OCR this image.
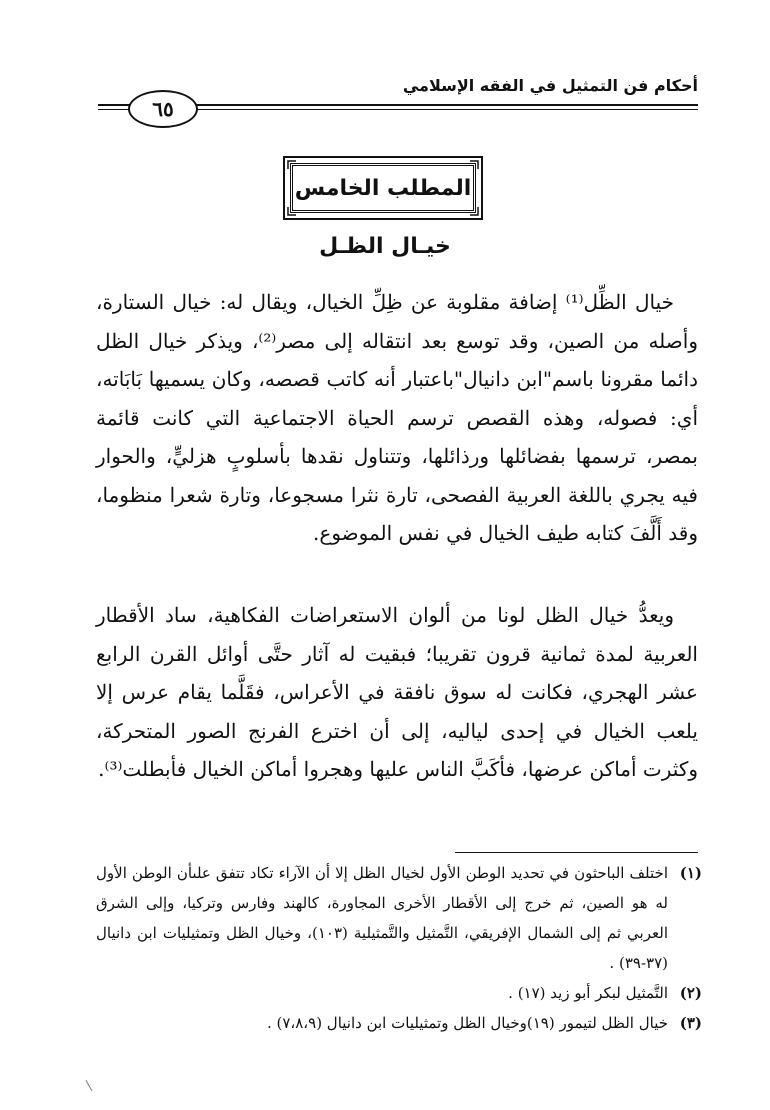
أحكام فن التمثيل في الفقه الإسلامي
٦٥
المطلب الخامس
خيـال الظـل
خيال الظِّل⁽¹⁾ إضافة مقلوبة عن ظِلِّ الخيال، ويقال له: خيال الستارة، وأصله من الصين، وقد توسع بعد انتقاله إلى مصر⁽²⁾، ويذكر خيال الظل دائما مقرونا باسم"ابن دانيال"باعتبار أنه كاتب قصصه، وكان يسميها بَابَاته، أي: فصوله، وهذه القصص ترسم الحياة الاجتماعية التي كانت قائمة بمصر، ترسمها بفضائلها ورذائلها، وتتناول نقدها بأسلوبٍ هزليٍّ، والحوار فيه يجري باللغة العربية الفصحى، تارة نثرا مسجوعا، وتارة شعرا منظوما، وقد أَلَّفَ كتابه طيف الخيال في نفس الموضوع.
ويعدُّ خيال الظل لونا من ألوان الاستعراضات الفكاهية، ساد الأقطار العربية لمدة ثمانية قرون تقريبا؛ فبقيت له آثار حتَّى أوائل القرن الرابع عشر الهجري، فكانت له سوق نافقة في الأعراس، فقَلَّما يقام عرس إلا يلعب الخيال في إحدى لياليه، إلى أن اخترع الفرنج الصور المتحركة، وكثرت أماكن عرضها، فأكَبَّ الناس عليها وهجروا أماكن الخيال فأبطلت⁽³⁾.
(١)
اختلف الباحثون في تحديد الوطن الأول لخيال الظل إلا أن الآراء تكاد تتفق علىأن الوطن الأول له هو الصين، ثم خرج إلى الأقطار الأخرى المجاورة، كالهند وفارس وتركيا، وإلى الشرق العربي ثم إلى الشمال الإفريقي، التَّمثيل والتَّمثيلية (١٠٣)، وخيال الظل وتمثيليات ابن دانيال (٣٧-٣٩) .
(٢)
التَّمثيل لبكر أبو زيد (١٧) .
(٣)
خيال الظل لتيمور (١٩)وخيال الظل وتمثيليات ابن دانيال (٧،٨،٩) .
